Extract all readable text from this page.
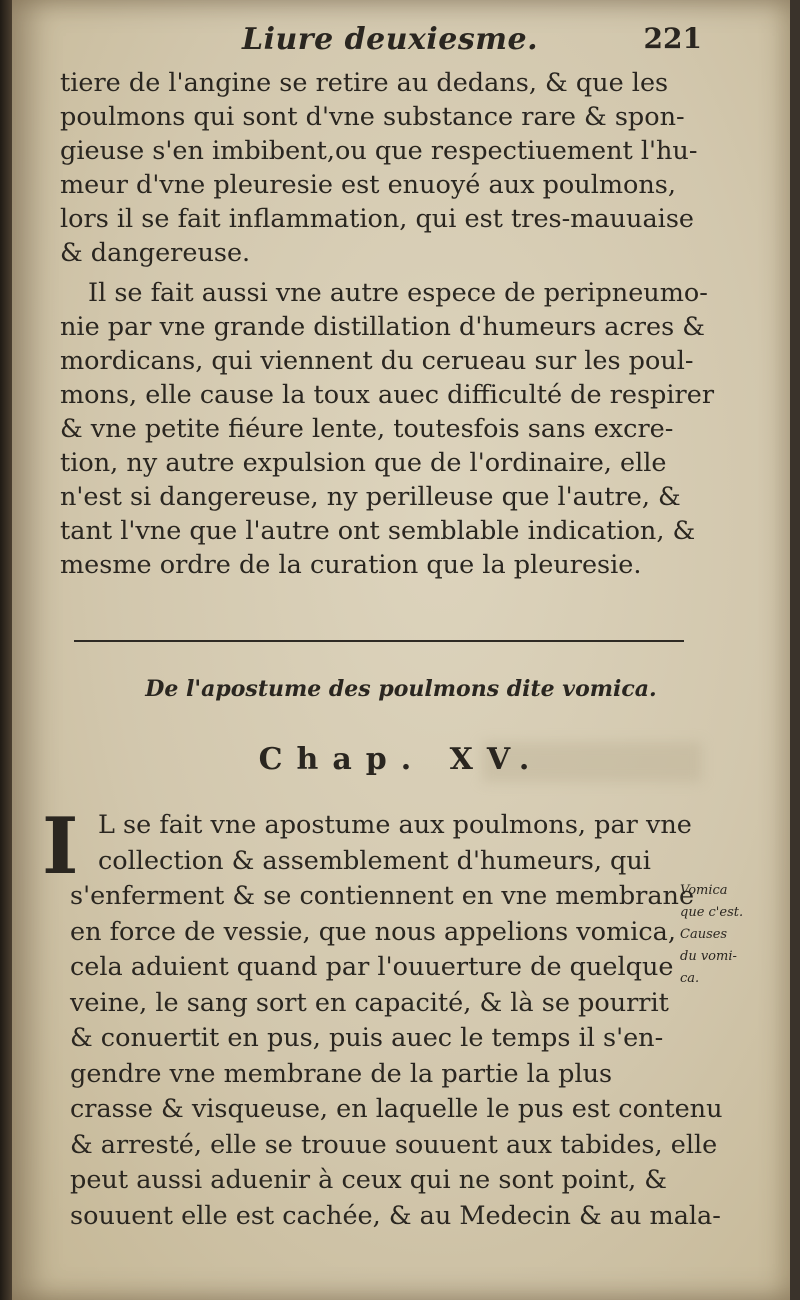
Liure deuxiesme.	221
tiere de l'angine se retire au dedans, & que les
poulmons qui sont d'vne substance rare & spon-
gieuse s'en imbibent,ou que respectiuement l'hu-
meur d'vne pleuresie est enuoyé aux poulmons,
lors il se fait inflammation, qui est tres-mauuaise
& dangereuse.
Il se fait aussi vne autre espece de peripneumo-
nie par vne grande distillation d'humeurs acres &
mordicans, qui viennent du cerueau sur les poul-
mons, elle cause la toux auec difficulté de respirer
& vne petite fiéure lente, toutesfois sans excre-
tion, ny autre expulsion que de l'ordinaire, elle
n'est si dangereuse, ny perilleuse que l'autre, &
tant l'vne que l'autre ont semblable indication, &
mesme ordre de la curation que la pleuresie.
De l'apostume des poulmons dite vomica.
Chap. XV.
I L se fait vne apostume aux poulmons, par vne
collection & assemblement d'humeurs, qui
s'enferment & se contiennent en vne membrane
en force de vessie, que nous appelions vomica,
cela aduient quand par l'ouuerture de quelque
veine, le sang sort en capacité, & là se pourrit
& conuertit en pus, puis auec le temps il s'en-
gendre vne membrane de la partie la plus
crasse & visqueuse, en laquelle le pus est contenu
& arresté, elle se trouue souuent aux tabides, elle
peut aussi aduenir à ceux qui ne sont point, &
souuent elle est cachée, & au Medecin & au mala-
Vomica
que c'est.
Causes
du vomi-
ca.
